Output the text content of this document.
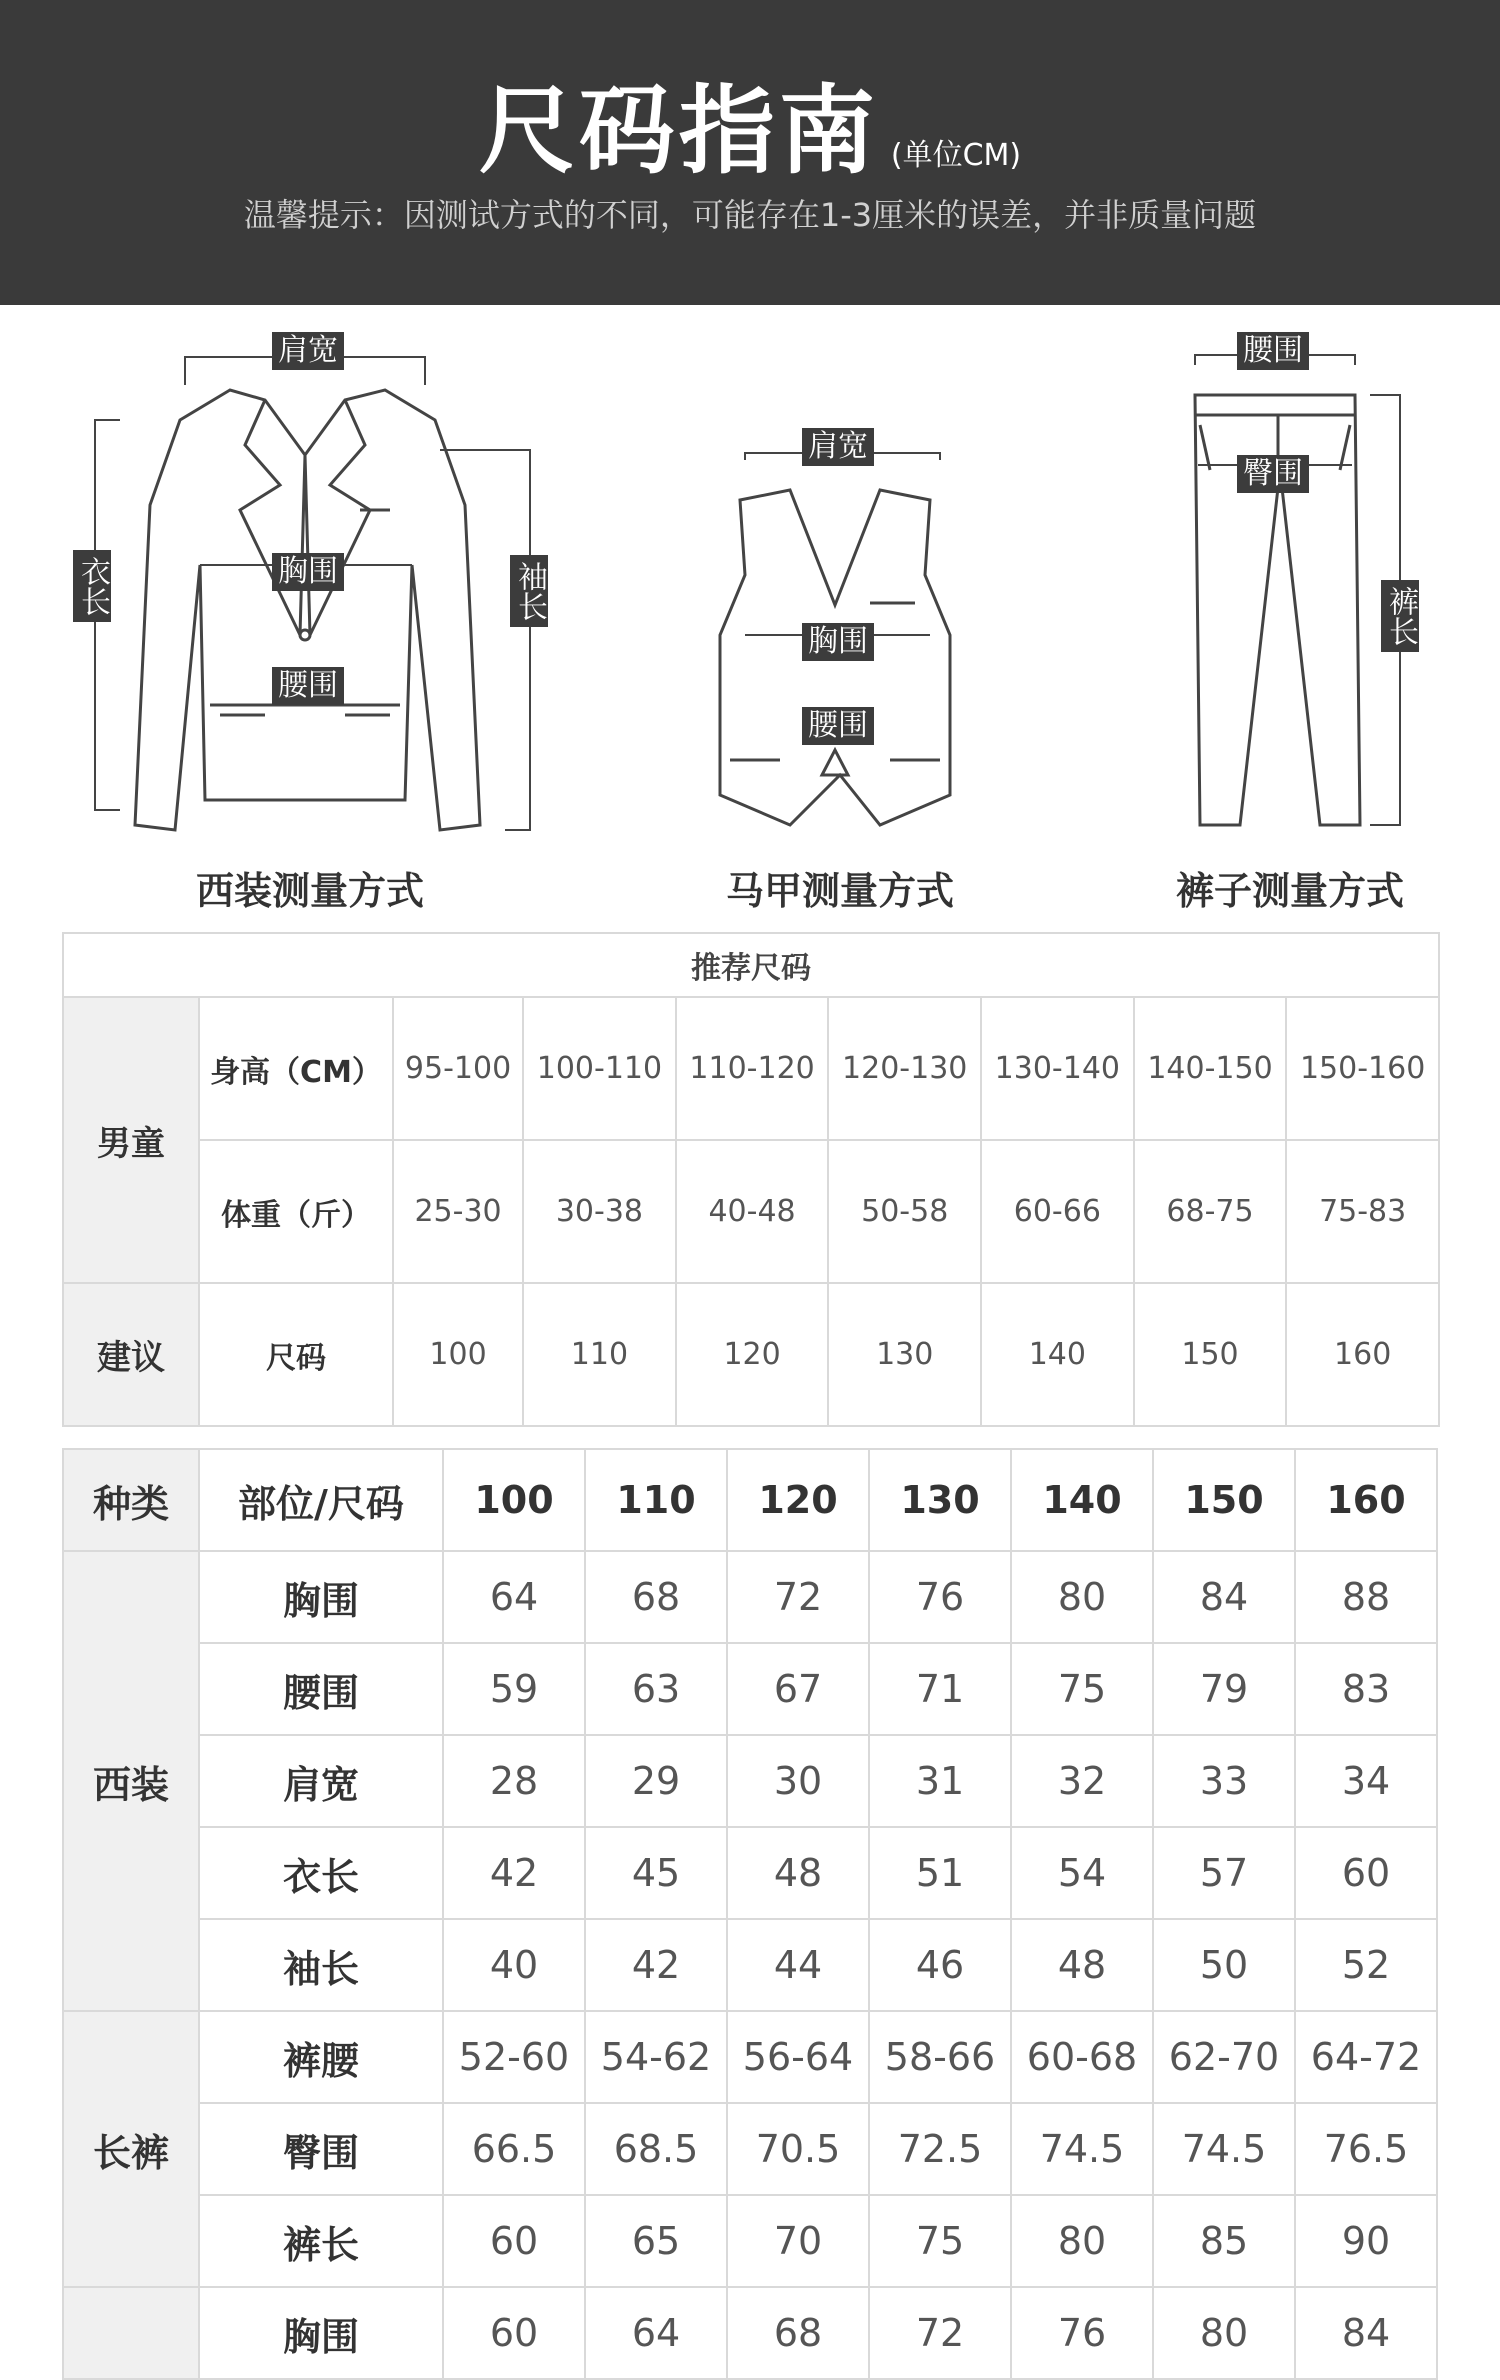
尺码指南 (单位CM)
温馨提示：因测试方式的不同，可能存在1-3厘米的误差，并非质量问题
肩宽
胸围
腰围
衣长	袖长
肩宽
胸围
腰围
腰围
臀围
裤长
西装测量方式	马甲测量方式	裤子测量方式
推荐尺码								
男童	身高（CM）	95-100	100-110	110-120	120-130	130-140	140-150	150-160
	体重（斤）	25-30	30-38	40-48	50-58	60-66	68-75	75-83
建议	尺码	100	110	120	130	140	150	160
种类	部位/尺码	100	110	120	130	140	150	160
西装	胸围	64	68	72	76	80	84	88
	腰围	59	63	67	71	75	79	83
	肩宽	28	29	30	31	32	33	34
	衣长	42	45	48	51	54	57	60
	袖长	40	42	44	46	48	50	52
长裤	裤腰	52-60	54-62	56-64	58-66	60-68	62-70	64-72
	臀围	66.5	68.5	70.5	72.5	74.5	74.5	76.5
	裤长	60	65	70	75	80	85	90
	胸围	60	64	68	72	76	80	84
